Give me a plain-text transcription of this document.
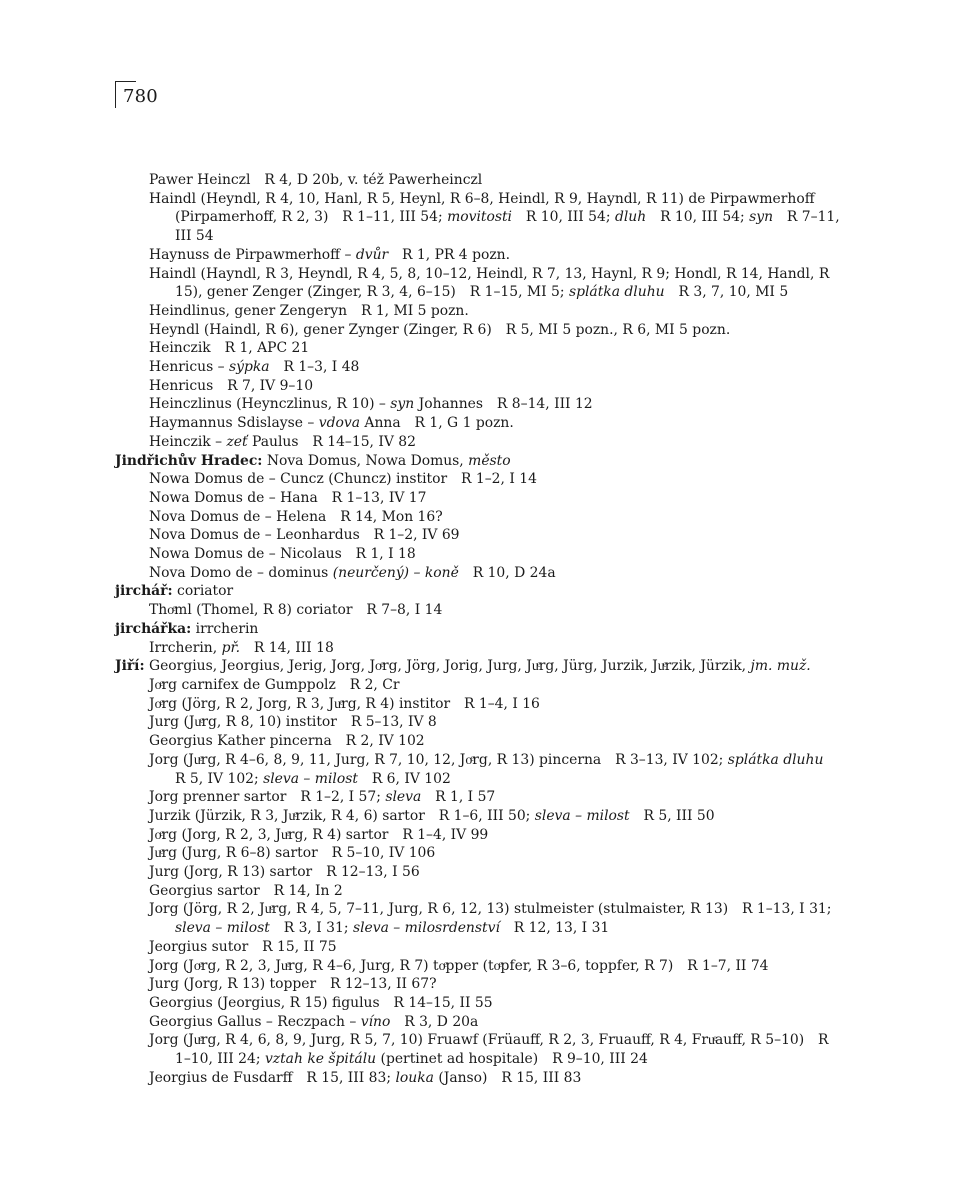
780

Pawer Heinczl  R 4, D 20b, v. též Pawerheinczl

Haindl (Heyndl, R 4, 10, Hanl, R 5, Heynl, R 6–8, Heindl, R 9, Hayndl, R 11) de Pirpawmerhoff (Pirpamerhoff, R 2, 3)  R 1–11, III 54; movitosti  R 10, III 54; dluh  R 10, III 54; syn  R 7–11, III 54

Haynuss de Pirpawmerhoff – dvůr  R 1, PR 4 pozn.

Haindl (Hayndl, R 3, Heyndl, R 4, 5, 8, 10–12, Heindl, R 7, 13, Haynl, R 9; Hondl, R 14, Handl, R 15), gener Zenger (Zinger, R 3, 4, 6–15)  R 1–15, MI 5; splátka dluhu  R 3, 7, 10, MI 5

Heindlinus, gener Zengeryn  R 1, MI 5 pozn.

Heyndl (Haindl, R 6), gener Zynger (Zinger, R 6)  R 5, MI 5 pozn., R 6, MI 5 pozn.

Heinczik  R 1, APC 21

Henricus – sýpka  R 1–3, I 48

Henricus  R 7, IV 9–10

Heinczlinus (Heynczlinus, R 10) – syn Johannes  R 8–14, III 12

Haymannus Sdislayse – vdova Anna  R 1, G 1 pozn.

Heinczik – zeť Paulus  R 14–15, IV 82

Jindřichův Hradec: Nova Domus, Nowa Domus, město

Nowa Domus de – Cuncz (Chuncz) institor  R 1–2, I 14

Nowa Domus de – Hana  R 1–13, IV 17

Nova Domus de – Helena  R 14, Mon 16?

Nova Domus de – Leonhardus  R 1–2, IV 69

Nowa Domus de – Nicolaus  R 1, I 18

Nova Domo de – dominus (neurčený) – koně  R 10, D 24a

jirchář: coriator

Thoͤml (Thomel, R 8) coriator  R 7–8, I 14

jirchářka: irrcherin

Irrcherin, př.  R 14, III 18

Jiří: Georgius, Jeorgius, Jerig, Jorg, Joͤrg, Jörg, Jorig, Jurg, Juͤrg, Jürg, Jurzik, Juͤrzik, Jürzik, jm. muž.

Joͤrg carnifex de Gumppolz  R 2, Cr

Joͤrg (Jörg, R 2, Jorg, R 3, Juͤrg, R 4) institor  R 1–4, I 16

Jurg (Juͤrg, R 8, 10) institor  R 5–13, IV 8

Georgius Kather pincerna  R 2, IV 102

Jorg (Juͤrg, R 4–6, 8, 9, 11, Jurg, R 7, 10, 12, Joͤrg, R 13) pincerna  R 3–13, IV 102; splátka dluhu  R 5, IV 102; sleva – milost  R 6, IV 102

Jorg prenner sartor  R 1–2, I 57; sleva  R 1, I 57

Jurzik (Jürzik, R 3, Juͤrzik, R 4, 6) sartor  R 1–6, III 50; sleva – milost  R 5, III 50

Joͤrg (Jorg, R 2, 3, Juͤrg, R 4) sartor  R 1–4, IV 99

Juͤrg (Jurg, R 6–8) sartor  R 5–10, IV 106

Jurg (Jorg, R 13) sartor  R 12–13, I 56

Georgius sartor  R 14, In 2

Jorg (Jörg, R 2, Juͤrg, R 4, 5, 7–11, Jurg, R 6, 12, 13) stulmeister (stulmaister, R 13)  R 1–13, I 31; sleva – milost  R 3, I 31; sleva – milosrdenství  R 12, 13, I 31

Jeorgius sutor  R 15, II 75

Jorg (Joͤrg, R 2, 3, Juͤrg, R 4–6, Jurg, R 7) toͤpper (toͤpfer, R 3–6, toppfer, R 7)  R 1–7, II 74

Jurg (Jorg, R 13) topper  R 12–13, II 67?

Georgius (Jeorgius, R 15) figulus  R 14–15, II 55

Georgius Gallus – Reczpach – víno  R 3, D 20a

Jorg (Juͤrg, R 4, 6, 8, 9, Jurg, R 5, 7, 10) Fruawf (Früauff, R 2, 3, Fruauff, R 4, Fruͤauff, R 5–10)  R 1–10, III 24; vztah ke špitálu (pertinet ad hospitale)  R 9–10, III 24

Jeorgius de Fusdarff  R 15, III 83; louka (Janso)  R 15, III 83
